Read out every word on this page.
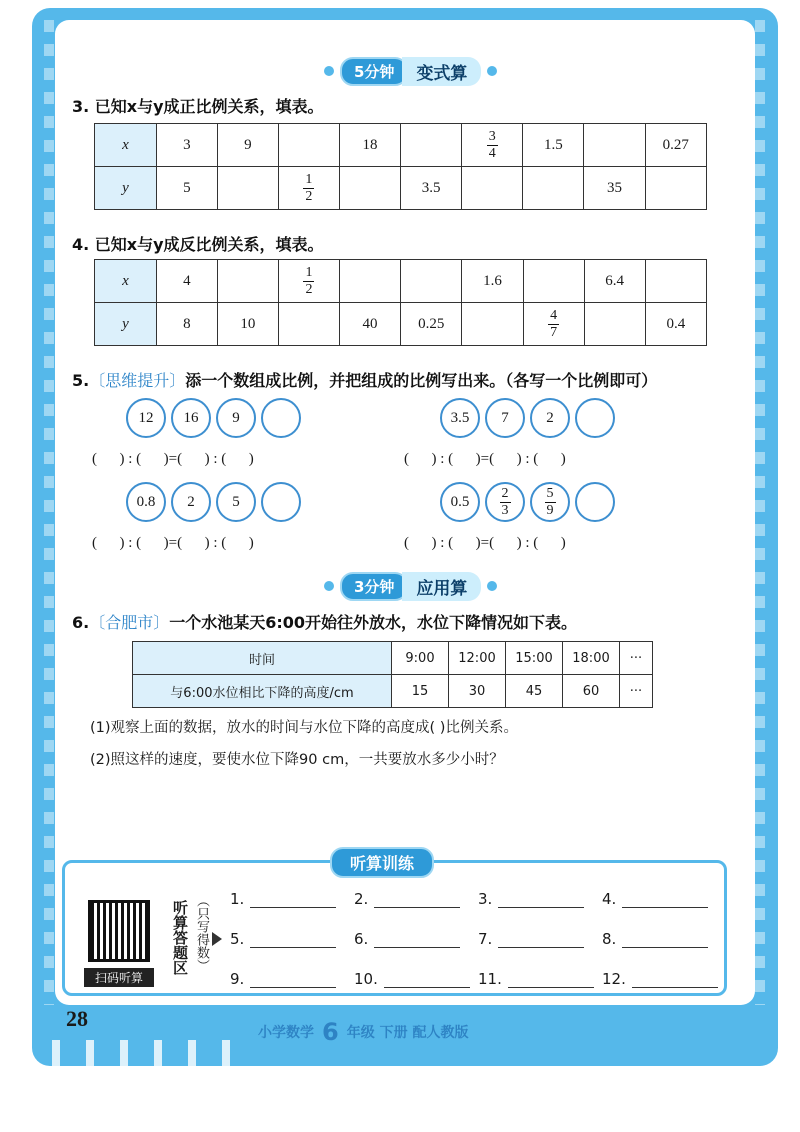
5分钟	变式算
3. 已知x与y成正比例关系，填表。
x	3	9		18		$\frac{3}{4}$	1.5		0.27
y	5		$\frac{1}{2}$		3.5			35	
4. 已知x与y成反比例关系，填表。
x	4		$\frac{1}{2}$			1.6		6.4	
y	8	10		40	0.25		$\frac{4}{7}$		0.4
5.〔思维提升〕添一个数组成比例，并把组成的比例写出来。（各写一个比例即可）
12	16	9	3.5	7	2
0.8	2	5	0.5	$\frac{2}{3} \frac{5}{9}$
(      ) : (      )=(      ) : (      )	(      ) : (      )=(      ) : (      )
(      ) : (      )=(      ) : (      )	(      ) : (      )=(      ) : (      )
3分钟	应用算
6.〔合肥市〕一个水池某天6:00开始往外放水，水位下降情况如下表。
时间	9:00	12:00	15:00	18:00	···
与6:00水位相比下降的高度/cm	15	30	45	60	···
(1)观察上面的数据，放水的时间与水位下降的高度成( )比例关系。
(2)照这样的速度，要使水位下降90 cm，一共要放水多少小时？
听算训练
扫码听算
听算答题区 （只写得数） 1.	2.	3.	4.
5.	6.	7.	8.
9.	10.	11.	12.
28
小学数学 6 年级 下册 配人教版
